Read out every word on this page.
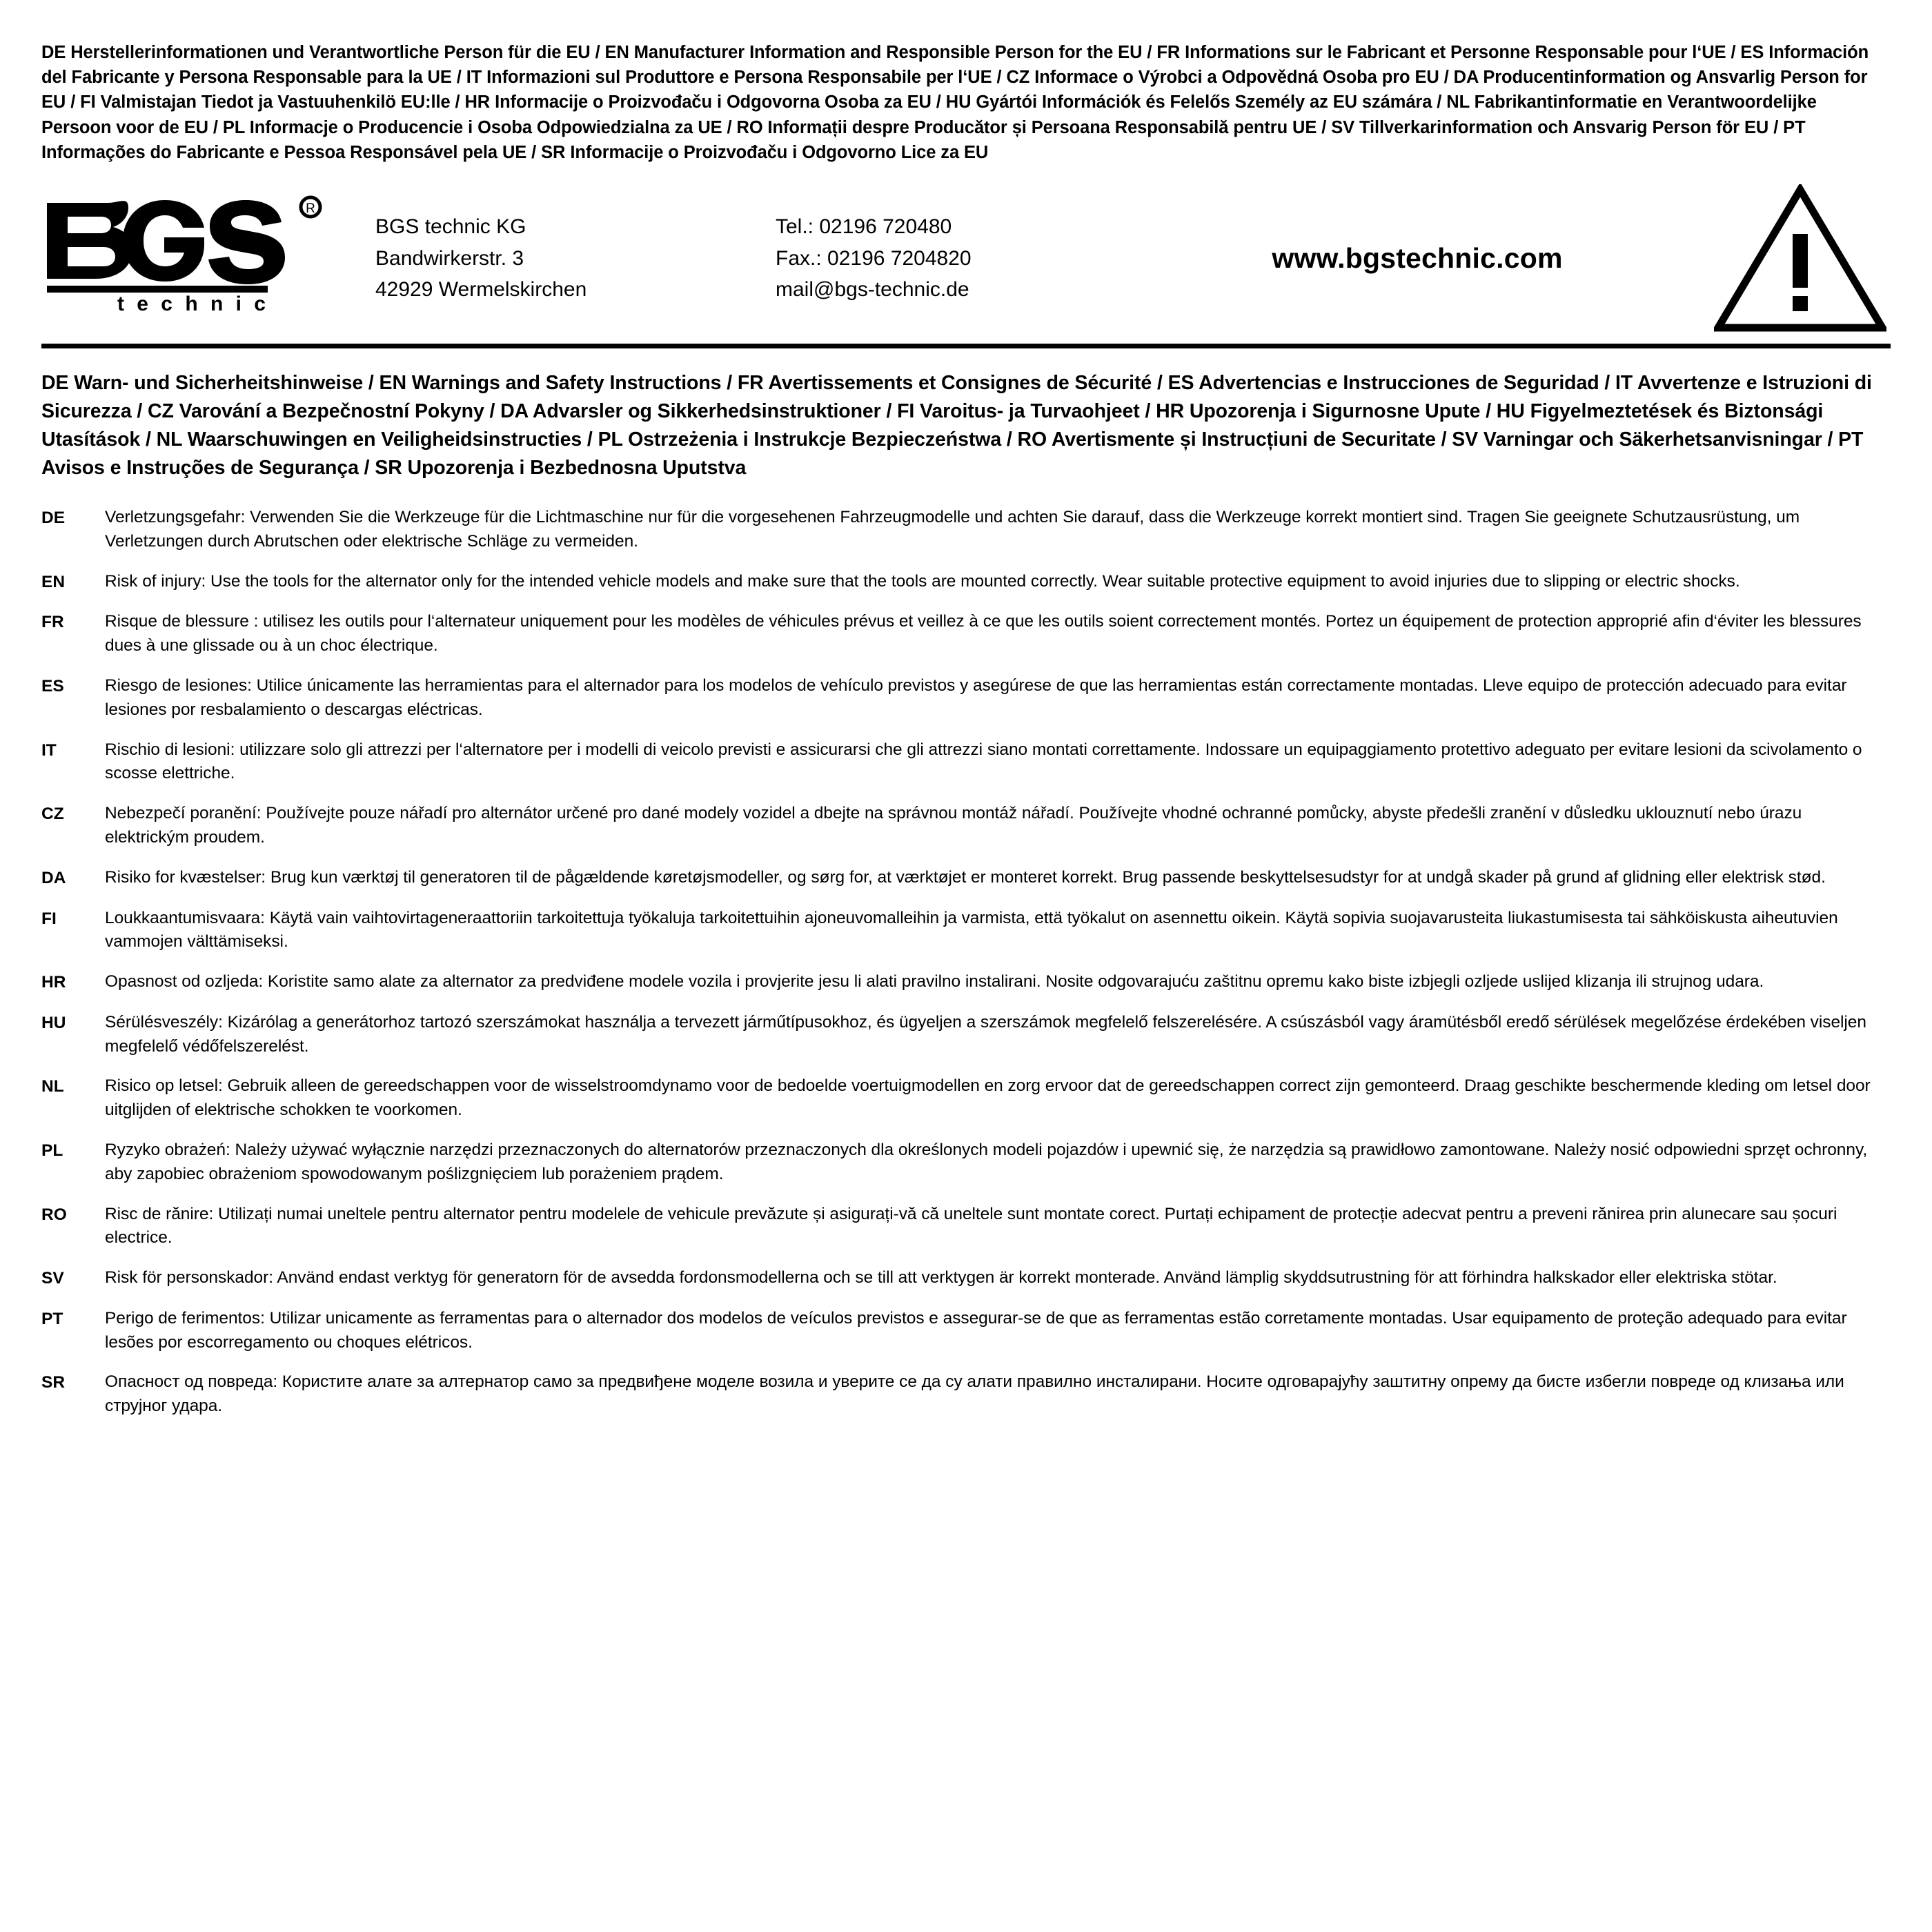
DE Herstellerinformationen und Verantwortliche Person für die EU / EN Manufacturer Information and Responsible Person for the EU / FR Informations sur le Fabricant et Personne Responsable pour l‘UE / ES Información del Fabricante y Persona Responsable para la UE / IT Informazioni sul Produttore e Persona Responsabile per l‘UE / CZ Informace o Výrobci a Odpovědná Osoba pro EU / DA Producentinformation og Ansvarlig Person for EU / FI Valmistajan Tiedot ja Vastuuhenkilö EU:lle / HR Informacije o Proizvođaču i Odgovorna Osoba za EU / HU Gyártói Információk és Felelős Személy az EU számára / NL Fabrikantinformatie en Verantwoordelijke Persoon voor de EU / PL Informacje o Producencie i Osoba Odpowiedzialna za UE / RO Informații despre Producător și Persoana Responsabilă pentru UE / SV Tillverkarinformation och Ansvarig Person för EU / PT Informações do Fabricante e Pessoa Responsável pela UE / SR Informacije o Proizvođaču i Odgovorno Lice za EU
R
t e c h n i c
BGS technic KG
Bandwirkerstr. 3
42929 Wermelskirchen
Tel.: 02196 720480
Fax.: 02196 7204820
mail@bgs-technic.de
www.bgstechnic.com
DE Warn- und Sicherheitshinweise / EN Warnings and Safety Instructions / FR Avertissements et Consignes de Sécurité / ES Advertencias e Instrucciones de Seguridad / IT Avvertenze e Istruzioni di Sicurezza / CZ Varování a Bezpečnostní Pokyny / DA Advarsler og Sikkerhedsinstruktioner / FI Varoitus- ja Turvaohjeet / HR Upozorenja i Sigurnosne Upute / HU Figyelmeztetések és Biztonsági Utasítások / NL Waarschuwingen en Veiligheidsinstructies / PL Ostrzeżenia i Instrukcje Bezpieczeństwa / RO Avertismente și Instrucțiuni de Securitate / SV Varningar och Säkerhetsanvisningar / PT Avisos e Instruções de Segurança / SR Upozorenja i Bezbednosna Uputstva
DE	Verletzungsgefahr: Verwenden Sie die Werkzeuge für die Lichtmaschine nur für die vorgesehenen Fahrzeugmodelle und achten Sie darauf, dass die Werkzeuge korrekt montiert sind. Tragen Sie geeignete Schutzausrüstung, um Verletzungen durch Abrutschen oder elektrische Schläge zu vermeiden.
EN	Risk of injury: Use the tools for the alternator only for the intended vehicle models and make sure that the tools are mounted correctly. Wear suitable protective equipment to avoid injuries due to slipping or electric shocks.
FR	Risque de blessure : utilisez les outils pour l‘alternateur uniquement pour les modèles de véhicules prévus et veillez à ce que les outils soient correctement montés. Portez un équipement de protection approprié afin d‘éviter les blessures dues à une glissade ou à un choc électrique.
ES	Riesgo de lesiones: Utilice únicamente las herramientas para el alternador para los modelos de vehículo previstos y asegúrese de que las herramientas están correctamente montadas. Lleve equipo de protección adecuado para evitar lesiones por resbalamiento o descargas eléctricas.
IT	Rischio di lesioni: utilizzare solo gli attrezzi per l‘alternatore per i modelli di veicolo previsti e assicurarsi che gli attrezzi siano montati correttamente. Indossare un equipaggiamento protettivo adeguato per evitare lesioni da scivolamento o scosse elettriche.
CZ	Nebezpečí poranění: Používejte pouze nářadí pro alternátor určené pro dané modely vozidel a dbejte na správnou montáž nářadí. Používejte vhodné ochranné pomůcky, abyste předešli zranění v důsledku uklouznutí nebo úrazu elektrickým proudem.
DA	Risiko for kvæstelser: Brug kun værktøj til generatoren til de pågældende køretøjsmodeller, og sørg for, at værktøjet er monteret korrekt. Brug passende beskyttelsesudstyr for at undgå skader på grund af glidning eller elektrisk stød.
FI	Loukkaantumisvaara: Käytä vain vaihtovirtageneraattoriin tarkoitettuja työkaluja tarkoitettuihin ajoneuvomalleihin ja varmista, että työkalut on asennettu oikein. Käytä sopivia suojavarusteita liukastumisesta tai sähköiskusta aiheutuvien vammojen välttämiseksi.
HR	Opasnost od ozljeda: Koristite samo alate za alternator za predviđene modele vozila i provjerite jesu li alati pravilno instalirani. Nosite odgovarajuću zaštitnu opremu kako biste izbjegli ozljede uslijed klizanja ili strujnog udara.
HU	Sérülésveszély: Kizárólag a generátorhoz tartozó szerszámokat használja a tervezett járműtípusokhoz, és ügyeljen a szerszámok megfelelő felszerelésére. A csúszásból vagy áramütésből eredő sérülések megelőzése érdekében viseljen megfelelő védőfelszerelést.
NL	Risico op letsel: Gebruik alleen de gereedschappen voor de wisselstroomdynamo voor de bedoelde voertuigmodellen en zorg ervoor dat de gereedschappen correct zijn gemonteerd. Draag geschikte beschermende kleding om letsel door uitglijden of elektrische schokken te voorkomen.
PL	Ryzyko obrażeń: Należy używać wyłącznie narzędzi przeznaczonych do alternatorów przeznaczonych dla określonych modeli pojazdów i upewnić się, że narzędzia są prawidłowo zamontowane. Należy nosić odpowiedni sprzęt ochronny, aby zapobiec obrażeniom spowodowanym poślizgnięciem lub porażeniem prądem.
RO	Risc de rănire: Utilizați numai uneltele pentru alternator pentru modelele de vehicule prevăzute și asigurați-vă că uneltele sunt montate corect. Purtați echipament de protecție adecvat pentru a preveni rănirea prin alunecare sau șocuri electrice.
SV	Risk för personskador: Använd endast verktyg för generatorn för de avsedda fordonsmodellerna och se till att verktygen är korrekt monterade. Använd lämplig skyddsutrustning för att förhindra halkskador eller elektriska stötar.
PT	Perigo de ferimentos: Utilizar unicamente as ferramentas para o alternador dos modelos de veículos previstos e assegurar-se de que as ferramentas estão corretamente montadas. Usar equipamento de proteção adequado para evitar lesões por escorregamento ou choques elétricos.
SR	Опасност од повреда: Користите алате за алтернатор само за предвиђене моделе возила и уверите се да су алати правилно инсталирани. Носите одговарајућу заштитну опрему да бисте избегли повреде од клизања или струјног удара.
